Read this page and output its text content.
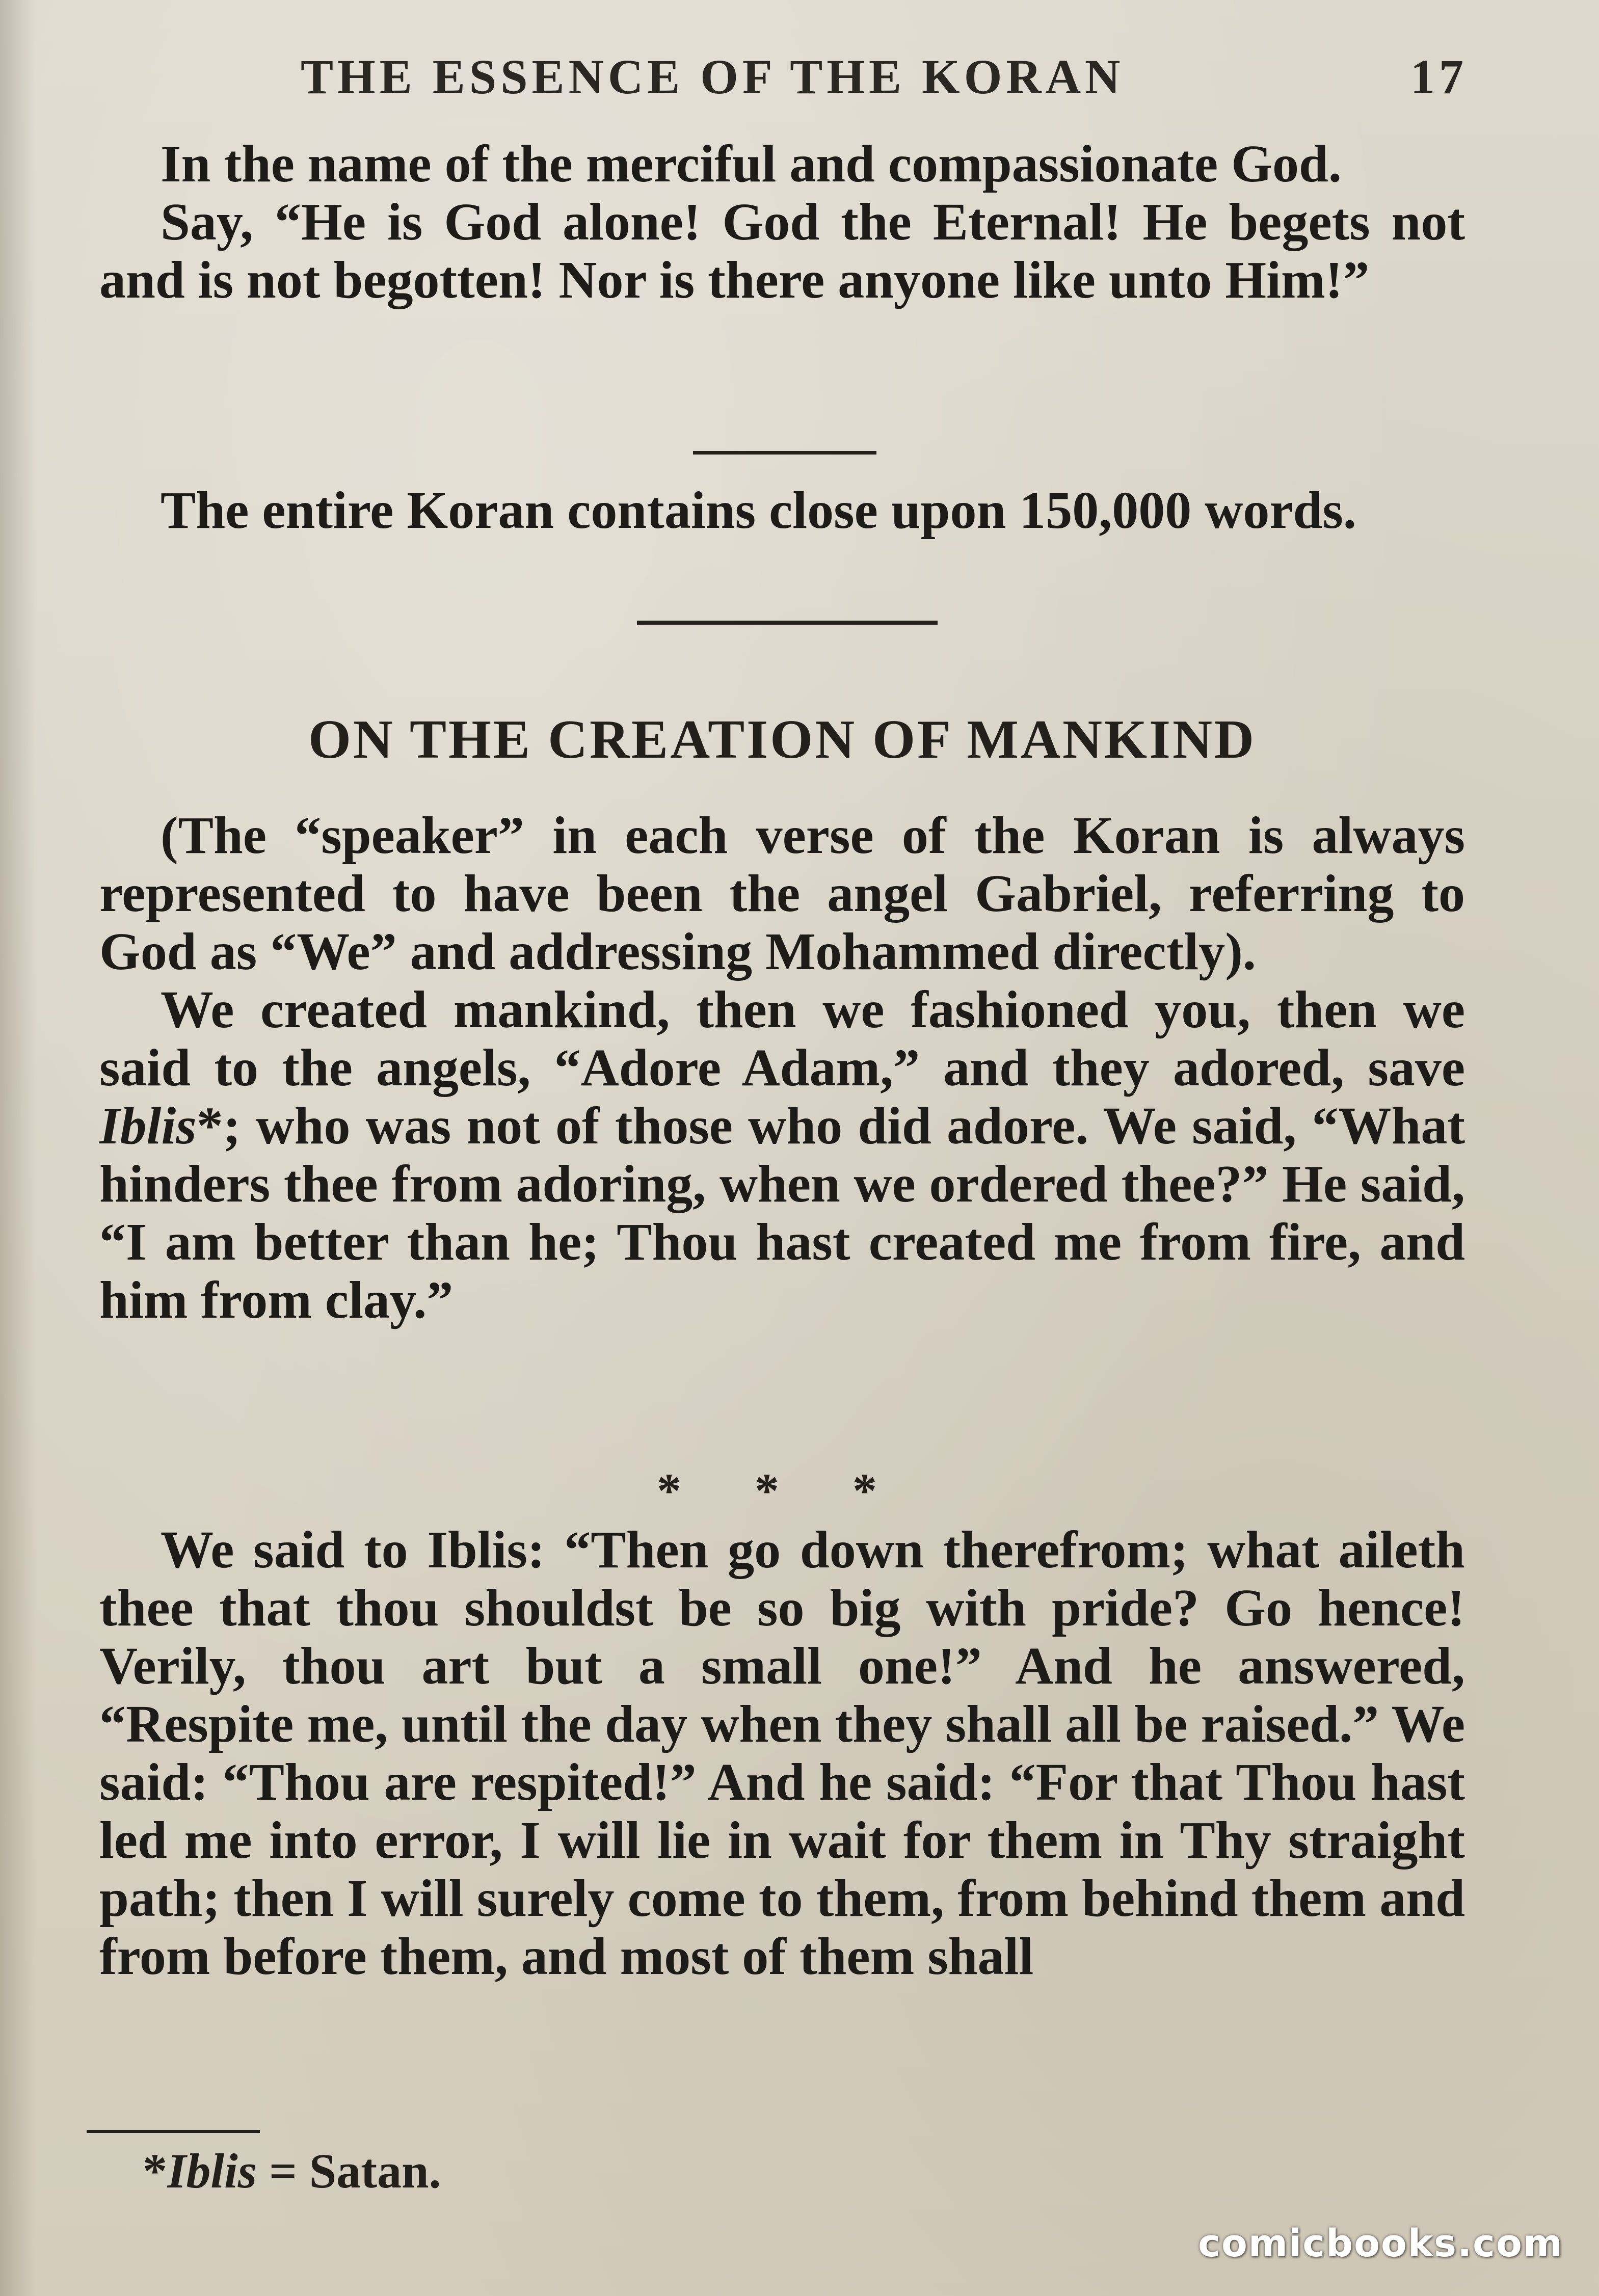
THE ESSENCE OF THE KORAN	17
In the name of the merciful and compassionate God.
Say, “He is God alone! God the Eternal! He begets not and is not begotten! Nor is there anyone like unto Him!”
The entire Koran contains close upon 150,000 words.
ON THE CREATION OF MANKIND
(The “speaker” in each verse of the Koran is always represented to have been the angel Gabriel, referring to God as “We” and addressing Mohammed directly).
We created mankind, then we fashioned you, then we said to the angels, “Adore Adam,” and they adored, save Iblis*; who was not of those who did adore. We said, “What hinders thee from adoring, when we ordered thee?” He said, “I am better than he; Thou hast created me from fire, and him from clay.”
* * *
We said to Iblis: “Then go down therefrom; what aileth thee that thou shouldst be so big with pride? Go hence! Verily, thou art but a small one!” And he answered, “Respite me, until the day when they shall all be raised.” We said: “Thou are respited!” And he said: “For that Thou hast led me into error, I will lie in wait for them in Thy straight path; then I will surely come to them, from behind them and from before them, and most of them shall
*Iblis = Satan.
comicbooks.com
